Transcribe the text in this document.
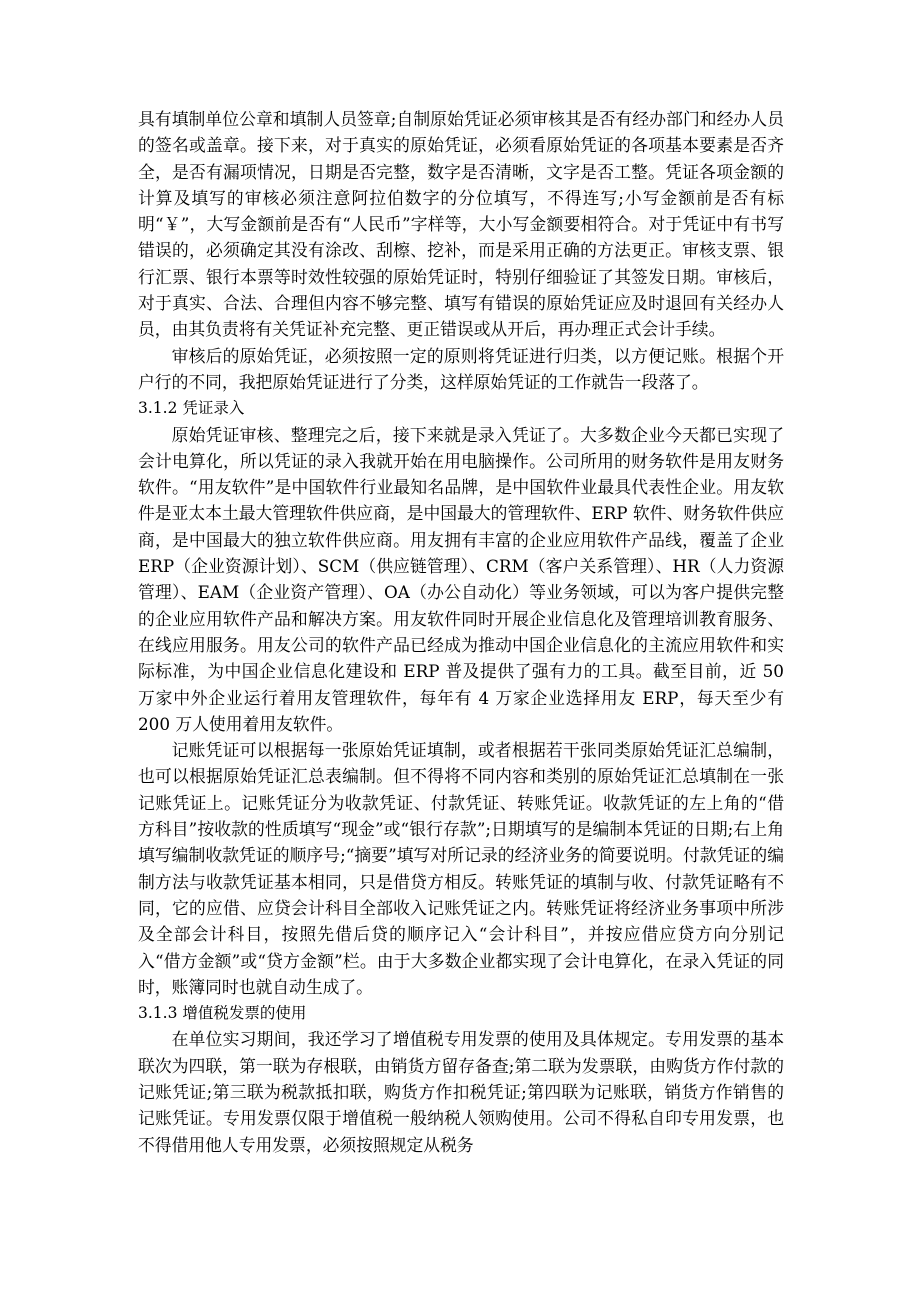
具有填制单位公章和填制人员签章;自制原始凭证必须审核其是否有经办部门和经办人员的签名或盖章。接下来，对于真实的原始凭证，必须看原始凭证的各项基本要素是否齐全，是否有漏项情况，日期是否完整，数字是否清晰，文字是否工整。凭证各项金额的计算及填写的审核必须注意阿拉伯数字的分位填写，不得连写;小写金额前是否有标明“￥”，大写金额前是否有“人民币”字样等，大小写金额要相符合。对于凭证中有书写错误的，必须确定其没有涂改、刮檫、挖补，而是采用正确的方法更正。审核支票、银行汇票、银行本票等时效性较强的原始凭证时，特别仔细验证了其签发日期。审核后，对于真实、合法、合理但内容不够完整、填写有错误的原始凭证应及时退回有关经办人员，由其负责将有关凭证补充完整、更正错误或从开后，再办理正式会计手续。

审核后的原始凭证，必须按照一定的原则将凭证进行归类，以方便记账。根据个开户行的不同，我把原始凭证进行了分类，这样原始凭证的工作就告一段落了。

3.1.2 凭证录入

原始凭证审核、整理完之后，接下来就是录入凭证了。大多数企业今天都已实现了会计电算化，所以凭证的录入我就开始在用电脑操作。公司所用的财务软件是用友财务软件。“用友软件”是中国软件行业最知名品牌，是中国软件业最具代表性企业。用友软件是亚太本土最大管理软件供应商，是中国最大的管理软件、ERP 软件、财务软件供应商，是中国最大的独立软件供应商。用友拥有丰富的企业应用软件产品线，覆盖了企业 ERP（企业资源计划）、SCM（供应链管理）、CRM（客户关系管理）、HR（人力资源管理）、EAM（企业资产管理）、OA（办公自动化）等业务领域，可以为客户提供完整的企业应用软件产品和解决方案。用友软件同时开展企业信息化及管理培训教育服务、在线应用服务。用友公司的软件产品已经成为推动中国企业信息化的主流应用软件和实际标准，为中国企业信息化建设和 ERP 普及提供了强有力的工具。截至目前，近 50 万家中外企业运行着用友管理软件，每年有 4 万家企业选择用友 ERP，每天至少有 200 万人使用着用友软件。

记账凭证可以根据每一张原始凭证填制，或者根据若干张同类原始凭证汇总编制，也可以根据原始凭证汇总表编制。但不得将不同内容和类别的原始凭证汇总填制在一张记账凭证上。记账凭证分为收款凭证、付款凭证、转账凭证。收款凭证的左上角的“借方科目”按收款的性质填写“现金”或“银行存款”;日期填写的是编制本凭证的日期;右上角填写编制收款凭证的顺序号;“摘要”填写对所记录的经济业务的简要说明。付款凭证的编制方法与收款凭证基本相同，只是借贷方相反。转账凭证的填制与收、付款凭证略有不同，它的应借、应贷会计科目全部收入记账凭证之内。转账凭证将经济业务事项中所涉及全部会计科目，按照先借后贷的顺序记入“会计科目”，并按应借应贷方向分别记入“借方金额”或“贷方金额”栏。由于大多数企业都实现了会计电算化，在录入凭证的同时，账簿同时也就自动生成了。

3.1.3 增值税发票的使用

在单位实习期间，我还学习了增值税专用发票的使用及具体规定。专用发票的基本联次为四联，第一联为存根联，由销货方留存备查;第二联为发票联，由购货方作付款的记账凭证;第三联为税款抵扣联，购货方作扣税凭证;第四联为记账联，销货方作销售的记账凭证。专用发票仅限于增值税一般纳税人领购使用。公司不得私自印专用发票，也不得借用他人专用发票，必须按照规定从税务
